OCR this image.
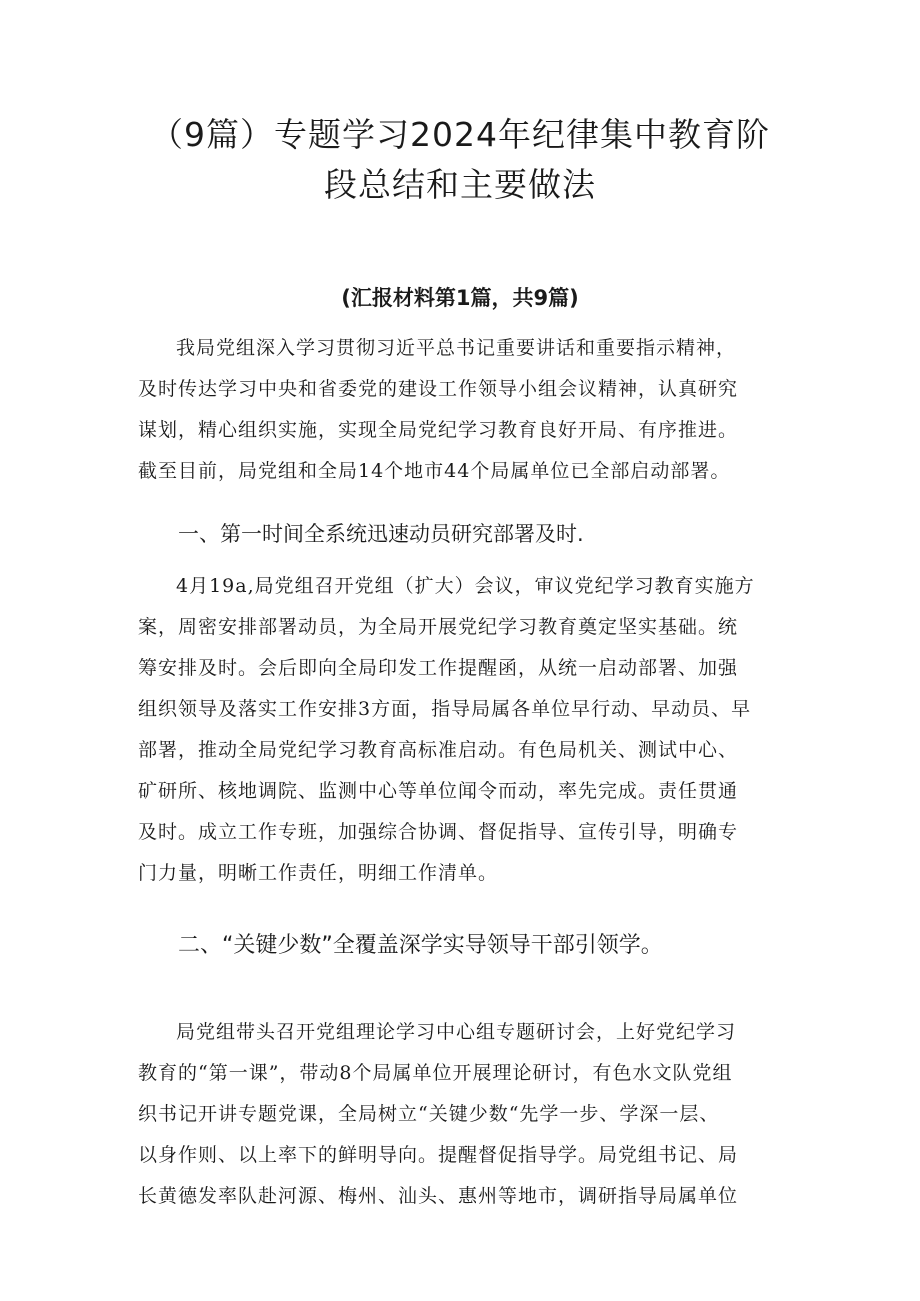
（9篇）专题学习2024年纪律集中教育阶
段总结和主要做法

(汇报材料第1篇，共9篇)

我局党组深入学习贯彻习近平总书记重要讲话和重要指示精神，
及时传达学习中央和省委党的建设工作领导小组会议精神，认真研究
谋划，精心组织实施，实现全局党纪学习教育良好开局、有序推进。
截至目前，局党组和全局14个地市44个局属单位已全部启动部署。
一、第一时间全系统迅速动员研究部署及时.
4月19a,局党组召开党组（扩大）会议，审议党纪学习教育实施方
案，周密安排部署动员，为全局开展党纪学习教育奠定坚实基础。统
筹安排及时。会后即向全局印发工作提醒函，从统一启动部署、加强
组织领导及落实工作安排3方面，指导局属各单位早行动、早动员、早
部署，推动全局党纪学习教育高标准启动。有色局机关、测试中心、
矿研所、核地调院、监测中心等单位闻令而动，率先完成。责任贯通
及时。成立工作专班，加强综合协调、督促指导、宣传引导，明确专
门力量，明晰工作责任，明细工作清单。
二、“关键少数”全覆盖深学实导领导干部引领学。
局党组带头召开党组理论学习中心组专题研讨会，上好党纪学习
教育的“第一课”，带动8个局属单位开展理论研讨，有色水文队党组
织书记开讲专题党课，全局树立“关键少数“先学一步、学深一层、
以身作则、以上率下的鲜明导向。提醒督促指导学。局党组书记、局
长黄德发率队赴河源、梅州、汕头、惠州等地市，调研指导局属单位
